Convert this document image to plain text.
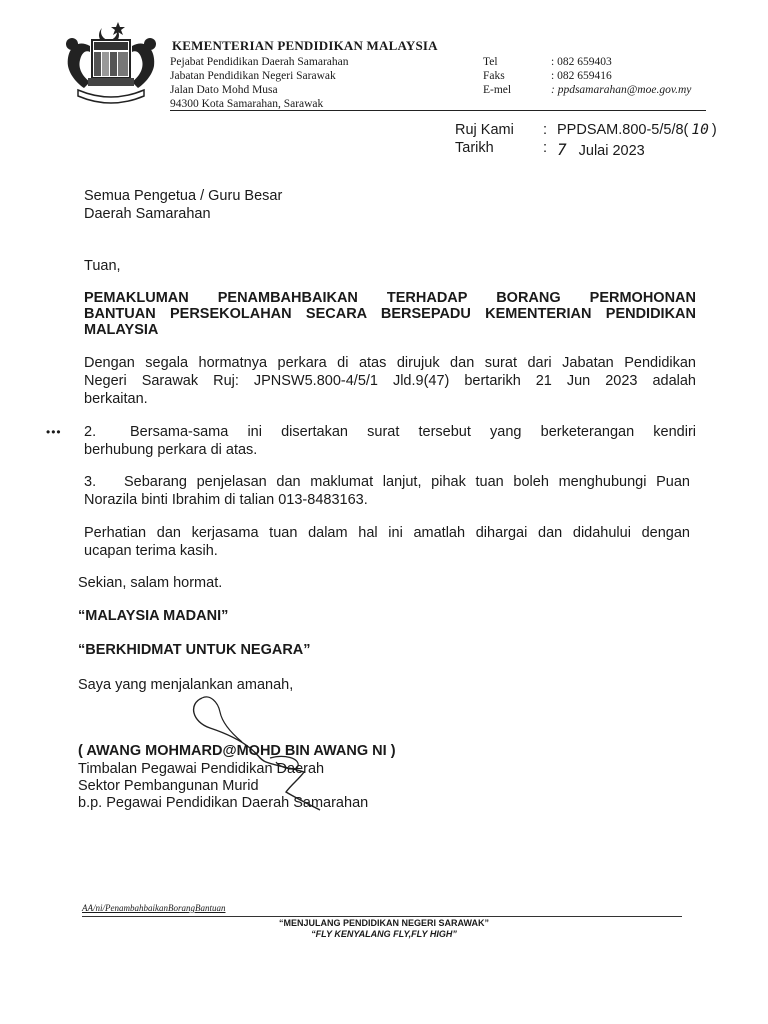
KEMENTERIAN PENDIDIKAN MALAYSIA
Pejabat Pendidikan Daerah Samarahan
Jabatan Pendidikan Negeri Sarawak
Jalan Dato Mohd Musa
94300 Kota Samarahan, Sarawak
Tel	: 082 659403
Faks	: 082 659416
E-mel	: ppdsamarahan@moe.gov.my
Ruj Kami : PPDSAM.800-5/5/8( 10 )
Tarikh	: 7 Julai 2023
Semua Pengetua / Guru Besar
Daerah Samarahan
Tuan,
PEMAKLUMAN PENAMBAHBAIKAN TERHADAP BORANG PERMOHONAN
BANTUAN PERSEKOLAHAN SECARA BERSEPADU KEMENTERIAN PENDIDIKAN
MALAYSIA
Dengan segala hormatnya perkara di atas dirujuk dan surat dari Jabatan Pendidikan
Negeri Sarawak Ruj: JPNSW5.800-4/5/1 Jld.9(47) bertarikh 21 Jun 2023 adalah
berkaitan.
••• 2. Bersama-sama ini disertakan surat tersebut yang berketerangan kendiri
berhubung perkara di atas.
3. Sebarang penjelasan dan maklumat lanjut, pihak tuan boleh menghubungi Puan
Norazila binti Ibrahim di talian 013-8483163.
Perhatian dan kerjasama tuan dalam hal ini amatlah dihargai dan didahului dengan
ucapan terima kasih.
Sekian, salam hormat.
“MALAYSIA MADANI”
“BERKHIDMAT UNTUK NEGARA”
Saya yang menjalankan amanah,
( AWANG MOHMARD@MOHD BIN AWANG NI )
Timbalan Pegawai Pendidikan Daerah
Sektor Pembangunan Murid
b.p. Pegawai Pendidikan Daerah Samarahan
AA/ni/PenambahbaikanBorangBantuan
“MENJULANG PENDIDIKAN NEGERI SARAWAK”
“FLY KENYALANG FLY,FLY HIGH”
